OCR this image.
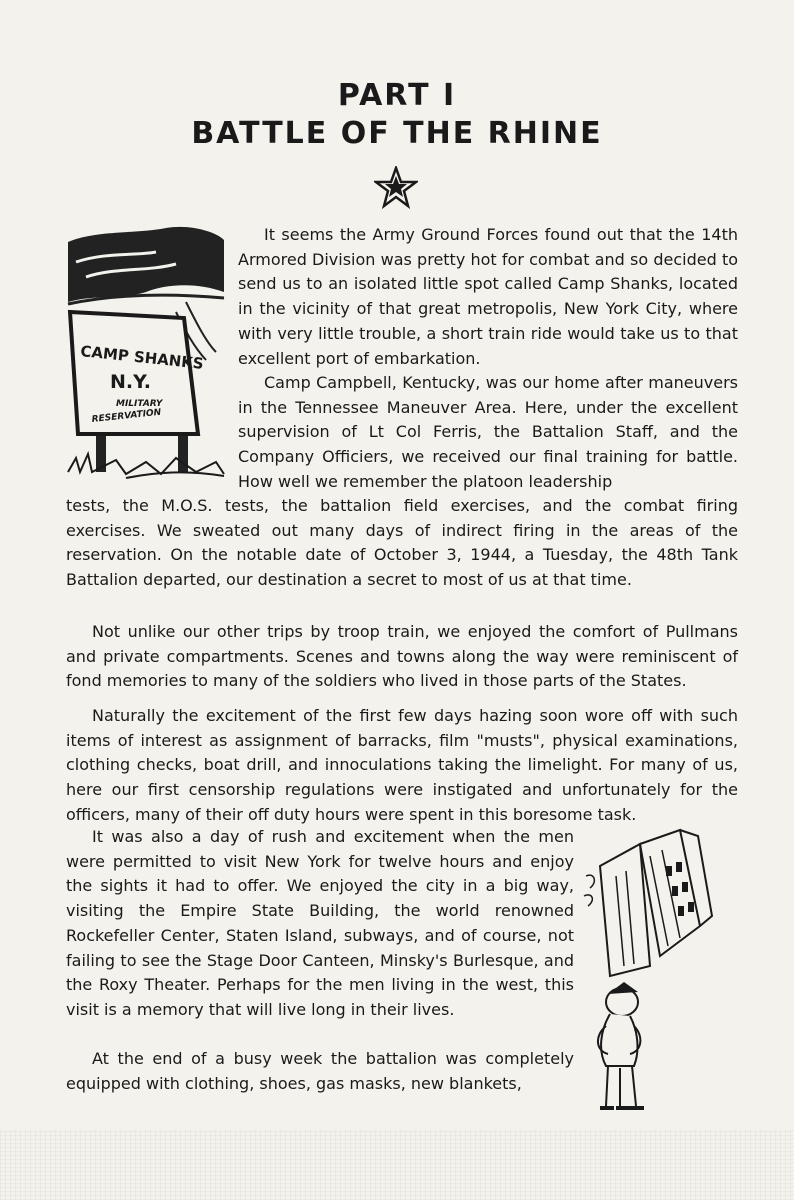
PART I
BATTLE OF THE RHINE
CAMP SHANKS
N.Y.
MILITARY
RESERVATION

It seems the Army Ground Forces found out that the 14th Armored Division was pretty hot for combat and so decided to send us to an isolated little spot called Camp Shanks, located in the vicinity of that great metropolis, New York City, where with very little trouble, a short train ride would take us to that excellent port of embarkation.

Camp Campbell, Kentucky, was our home after maneuvers in the Tennessee Maneuver Area. Here, under the excellent supervision of Lt Col Ferris, the Battalion Staff, and the Company Officiers, we received our final training for battle. How well we remember the platoon leadership

tests, the M.O.S. tests, the battalion field exercises, and the combat firing exercises. We sweated out many days of indirect firing in the areas of the reservation. On the notable date of October 3, 1944, a Tuesday, the 48th Tank Battalion departed, our destination a secret to most of us at that time.

Not unlike our other trips by troop train, we enjoyed the comfort of Pullmans and private compartments. Scenes and towns along the way were reminiscent of fond memories to many of the soldiers who lived in those parts of the States.

Naturally the excitement of the first few days hazing soon wore off with such items of interest as assignment of barracks, film "musts", physical examinations, clothing checks, boat drill, and innoculations taking the limelight. For many of us, here our first censorship regulations were instigated and unfortunately for the officers, many of their off duty hours were spent in this boresome task.

It was also a day of rush and excitement when the men were permitted to visit New York for twelve hours and enjoy the sights it had to offer. We enjoyed the city in a big way, visiting the Empire State Building, the world renowned Rockefeller Center, Staten Island, subways, and of course, not failing to see the Stage Door Canteen, Minsky's Burlesque, and the Roxy Theater. Perhaps for the men living in the west, this visit is a memory that will live long in their lives.

At the end of a busy week the battalion was completely equipped with clothing, shoes, gas masks, new blankets,
